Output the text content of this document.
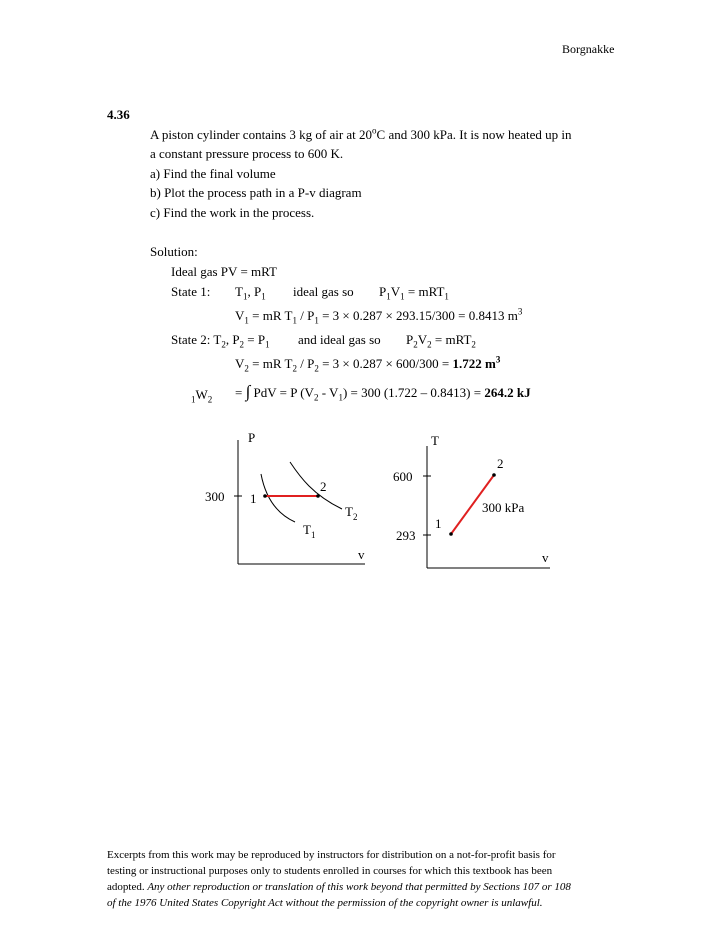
Borgnakke
4.36
A piston cylinder contains 3 kg of air at 20$^o$C and 300 kPa. It is now heated up in
a constant pressure process to 600 K.
a) Find the final volume
b) Plot the process path in a P-v diagram
c) Find the work in the process.
Solution:
Ideal gas PV = mRT
State 1: $T_1$, $P_1$ ideal gas so $P_1V_1 = mRT_1$
$V_1$ = mR $T_1 / P_1 = 3 \times 0.287 \times 293.15/300 = 0.8413$ $m^3$
State 2: $T_2$, $P_2 = P_1$ and ideal gas so $P_2V_2 = mRT_2$
$V_2$ = mR $T_2 / P_2 = 3 \times 0.287 \times 600/300 = 1.722$ $m^3$
$_1W_2$ = ∫ PdV = P $(V_2 - V_1) = 300$ (1.722 – 0.8413) = 264.2 kJ
P
v
300 1
2
$T_1$
$T_2$
T
v
600
293
1
2
300 kPa
Excerpts from this work may be reproduced by instructors for distribution on a not-for-profit basis for
testing or instructional purposes only to students enrolled in courses for which this textbook has been
adopted. Any other reproduction or translation of this work beyond that permitted by Sections 107 or 108
of the 1976 United States Copyright Act without the permission of the copyright owner is unlawful.
